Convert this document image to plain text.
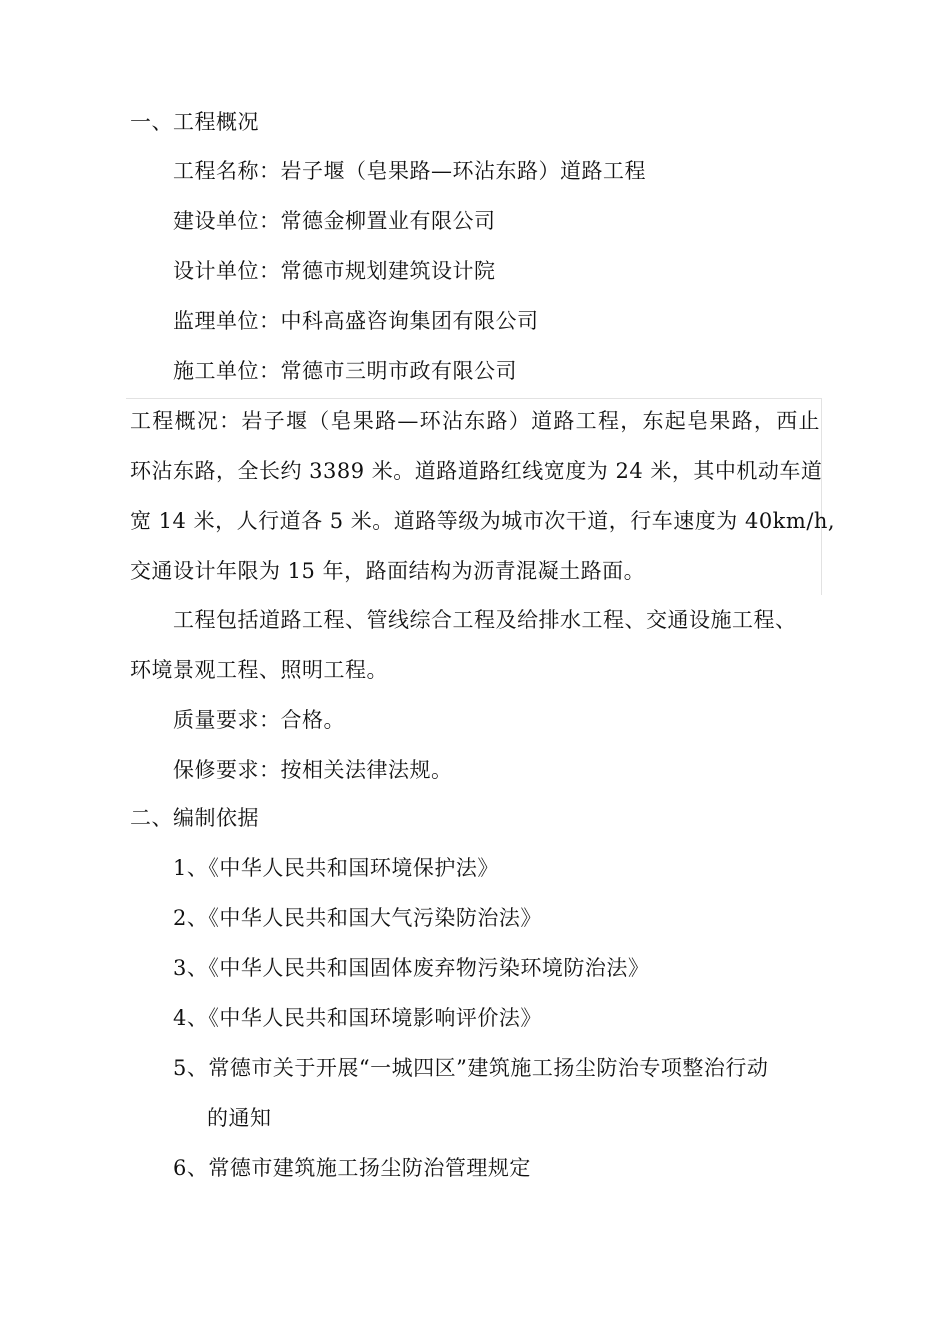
一、工程概况
工程名称：岩子堰（皂果路—环沾东路）道路工程
建设单位：常德金柳置业有限公司
设计单位：常德市规划建筑设计院
监理单位：中科高盛咨询集团有限公司
施工单位：常德市三明市政有限公司
工程概况：岩子堰（皂果路—环沾东路）道路工程，东起皂果路，西止
环沾东路，全长约 3389 米。道路道路红线宽度为 24 米，其中机动车道
宽 14 米，人行道各 5 米。道路等级为城市次干道，行车速度为 40km/h,
交通设计年限为 15 年，路面结构为沥青混凝土路面。
工程包括道路工程、管线综合工程及给排水工程、交通设施工程、
环境景观工程、照明工程。
质量要求：合格。
保修要求：按相关法律法规。
二、编制依据
1、《中华人民共和国环境保护法》
2、《中华人民共和国大气污染防治法》
3、《中华人民共和国固体废弃物污染环境防治法》
4、《中华人民共和国环境影响评价法》
5、常德市关于开展“一城四区”建筑施工扬尘防治专项整治行动
的通知
6、常德市建筑施工扬尘防治管理规定
